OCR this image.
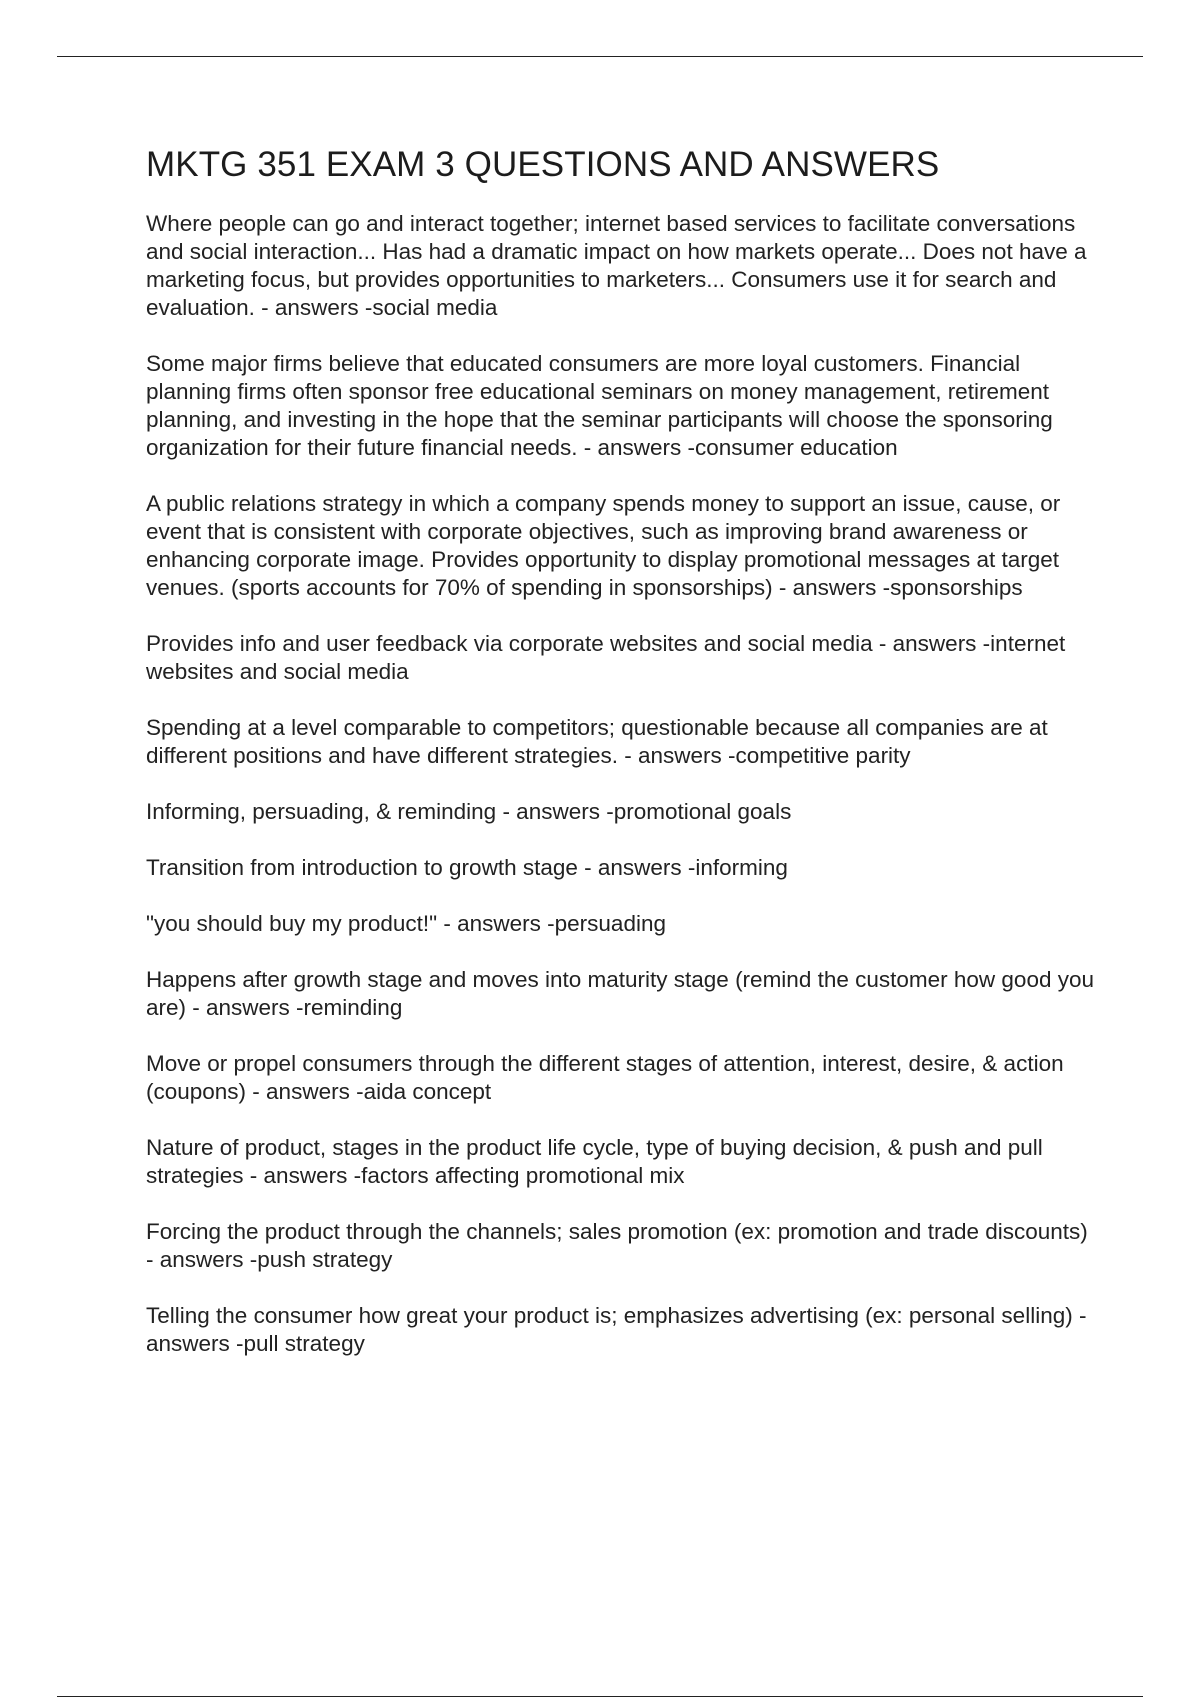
MKTG 351 EXAM 3 QUESTIONS AND ANSWERS
Where people can go and interact together; internet based services to facilitate conversations and social interaction... Has had a dramatic impact on how markets operate... Does not have a marketing focus, but provides opportunities to marketers... Consumers use it for search and evaluation. - answers -social media
Some major firms believe that educated consumers are more loyal customers. Financial planning firms often sponsor free educational seminars on money management, retirement planning, and investing in the hope that the seminar participants will choose the sponsoring organization for their future financial needs. - answers -consumer education
A public relations strategy in which a company spends money to support an issue, cause, or event that is consistent with corporate objectives, such as improving brand awareness or enhancing corporate image. Provides opportunity to display promotional messages at target venues. (sports accounts for 70% of spending in sponsorships) - answers -sponsorships
Provides info and user feedback via corporate websites and social media - answers -internet websites and social media
Spending at a level comparable to competitors; questionable because all companies are at different positions and have different strategies. - answers -competitive parity
Informing, persuading, & reminding - answers -promotional goals
Transition from introduction to growth stage - answers -informing
"you should buy my product!" - answers -persuading
Happens after growth stage and moves into maturity stage (remind the customer how good you are) - answers -reminding
Move or propel consumers through the different stages of attention, interest, desire, & action (coupons) - answers -aida concept
Nature of product, stages in the product life cycle, type of buying decision, & push and pull strategies - answers -factors affecting promotional mix
Forcing the product through the channels; sales promotion (ex: promotion and trade discounts) - answers -push strategy
Telling the consumer how great your product is; emphasizes advertising (ex: personal selling) - answers -pull strategy
